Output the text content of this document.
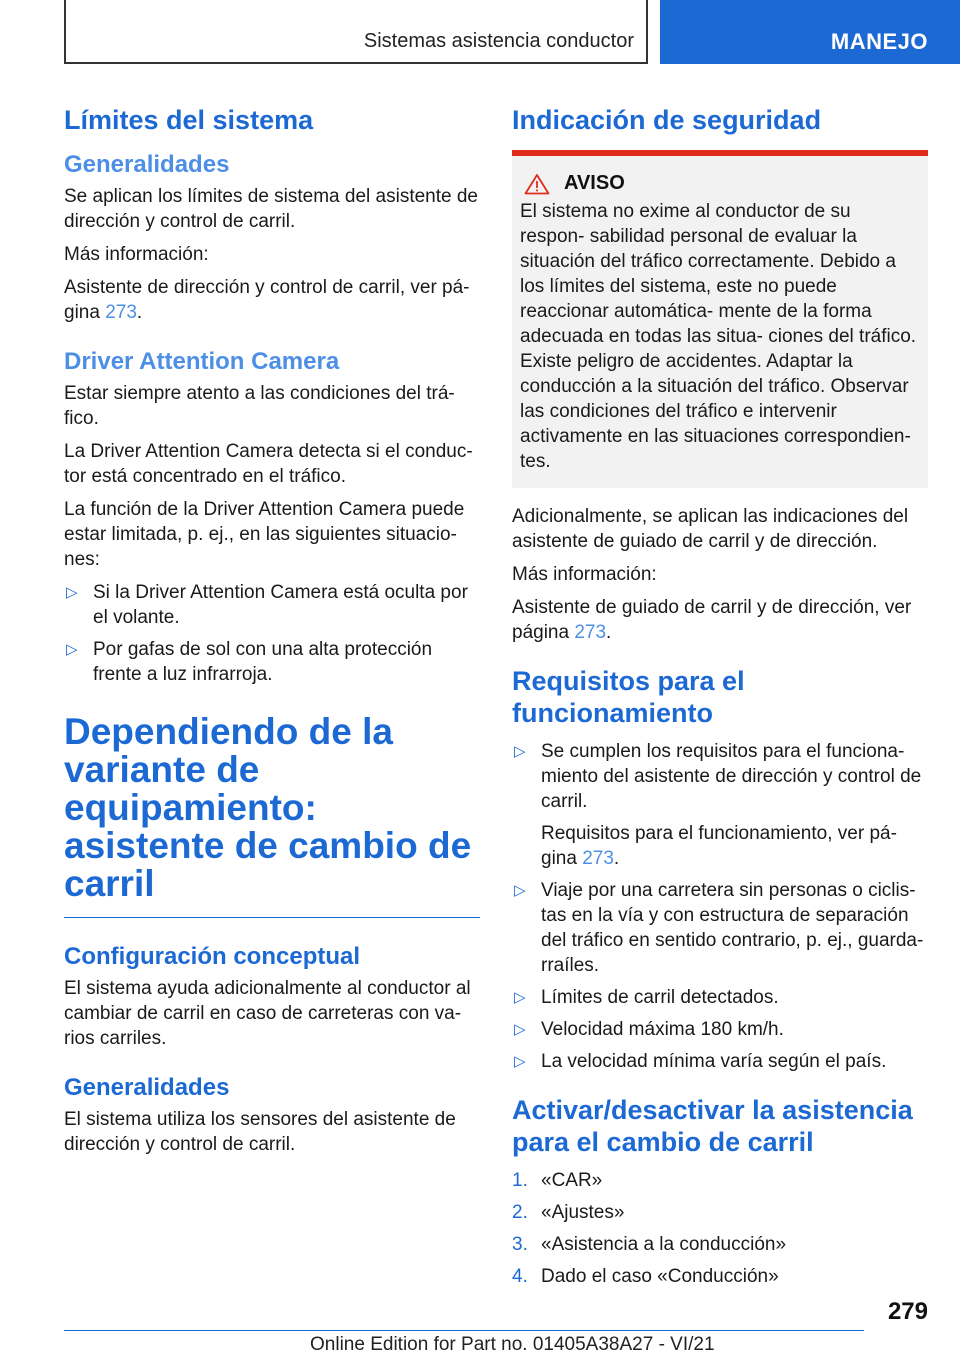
Sistemas asistencia conductor	MANEJO
Límites del sistema
Generalidades

Se aplican los límites de sistema del asistente de dirección y control de carril.

Más información:

Asistente de dirección y control de carril, ver pá‐ gina 273.

Driver Attention Camera

Estar siempre atento a las condiciones del trá‐ fico.

La Driver Attention Camera detecta si el conduc‐ tor está concentrado en el tráfico.

La función de la Driver Attention Camera puede estar limitada, p. ej., en las siguientes situacio‐ nes:

▷ Si la Driver Attention Camera está oculta por el volante.
▷ Por gafas de sol con una alta protección frente a luz infrarroja.
Dependiendo de la variante de equipamiento: asistente de cambio de carril
Configuración conceptual

El sistema ayuda adicionalmente al conductor al cambiar de carril en caso de carreteras con va‐ rios carriles.

Generalidades

El sistema utiliza los sensores del asistente de dirección y control de carril.

Indicación de seguridad
AVISO

El sistema no exime al conductor de su respon‐ sabilidad personal de evaluar la situación del tráfico correctamente. Debido a los límites del sistema, este no puede reaccionar automática‐ mente de la forma adecuada en todas las situa‐ ciones del tráfico. Existe peligro de accidentes. Adaptar la conducción a la situación del tráfico. Observar las condiciones del tráfico e intervenir activamente en las situaciones correspondien‐ tes.

Adicionalmente, se aplican las indicaciones del asistente de guiado de carril y de dirección.

Más información:

Asistente de guiado de carril y de dirección, ver página 273.

Requisitos para el funcionamiento
▷ Se cumplen los requisitos para el funciona‐ miento del asistente de dirección y control de carril.

Requisitos para el funcionamiento, ver pá‐ gina 273.

▷ Viaje por una carretera sin personas o ciclis‐ tas en la vía y con estructura de separación del tráfico en sentido contrario, p. ej., guarda‐ rraíles.
▷ Límites de carril detectados.
▷ Velocidad máxima 180 km/h.
▷ La velocidad mínima varía según el país.
Activar/desactivar la asistencia para el cambio de carril
1. «CAR»
2. «Ajustes»
3. «Asistencia a la conducción»
4. Dado el caso «Conducción»
279
Online Edition for Part no. 01405A38A27 - VI/21
